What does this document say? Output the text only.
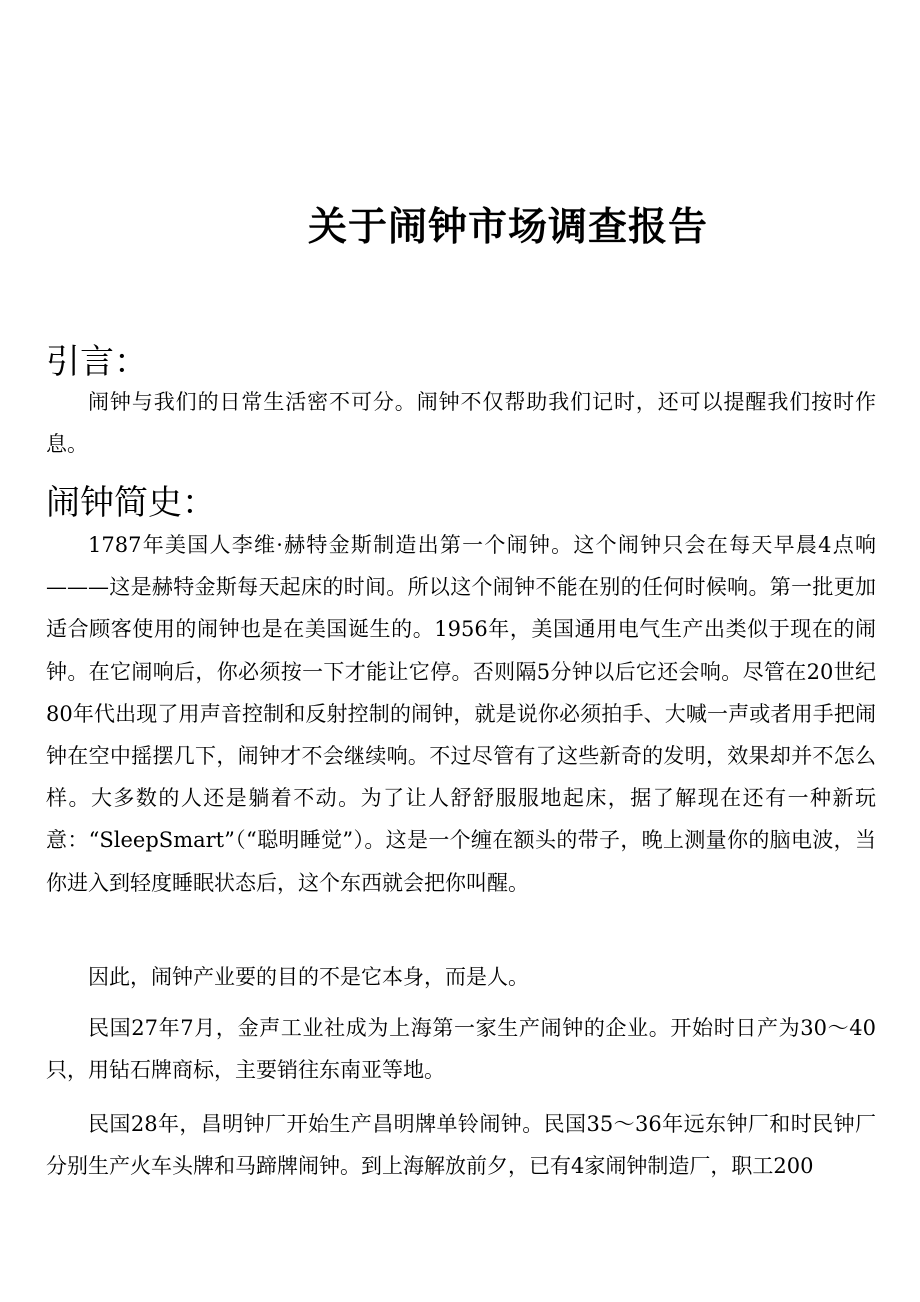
关于闹钟市场调查报告
引言：

闹钟与我们的日常生活密不可分。闹钟不仅帮助我们记时，还可以提醒我们按时作息。

闹钟简史：

1787年美国人李维·赫特金斯制造出第一个闹钟。这个闹钟只会在每天早晨4点响———这是赫特金斯每天起床的时间。所以这个闹钟不能在别的任何时候响。第一批更加适合顾客使用的闹钟也是在美国诞生的。1956年，美国通用电气生产出类似于现在的闹钟。在它闹响后，你必须按一下才能让它停。否则隔5分钟以后它还会响。尽管在20世纪80年代出现了用声音控制和反射控制的闹钟，就是说你必须拍手、大喊一声或者用手把闹钟在空中摇摆几下，闹钟才不会继续响。不过尽管有了这些新奇的发明，效果却并不怎么样。大多数的人还是躺着不动。为了让人舒舒服服地起床，据了解现在还有一种新玩意：“SleepSmart”（“聪明睡觉”）。这是一个缠在额头的带子，晚上测量你的脑电波，当你进入到轻度睡眠状态后，这个东西就会把你叫醒。

因此，闹钟产业要的目的不是它本身，而是人。

民国27年7月，金声工业社成为上海第一家生产闹钟的企业。开始时日产为30～40只，用钻石牌商标，主要销往东南亚等地。

民国28年，昌明钟厂开始生产昌明牌单铃闹钟。民国35～36年远东钟厂和时民钟厂分别生产火车头牌和马蹄牌闹钟。到上海解放前夕，已有4家闹钟制造厂，职工200
